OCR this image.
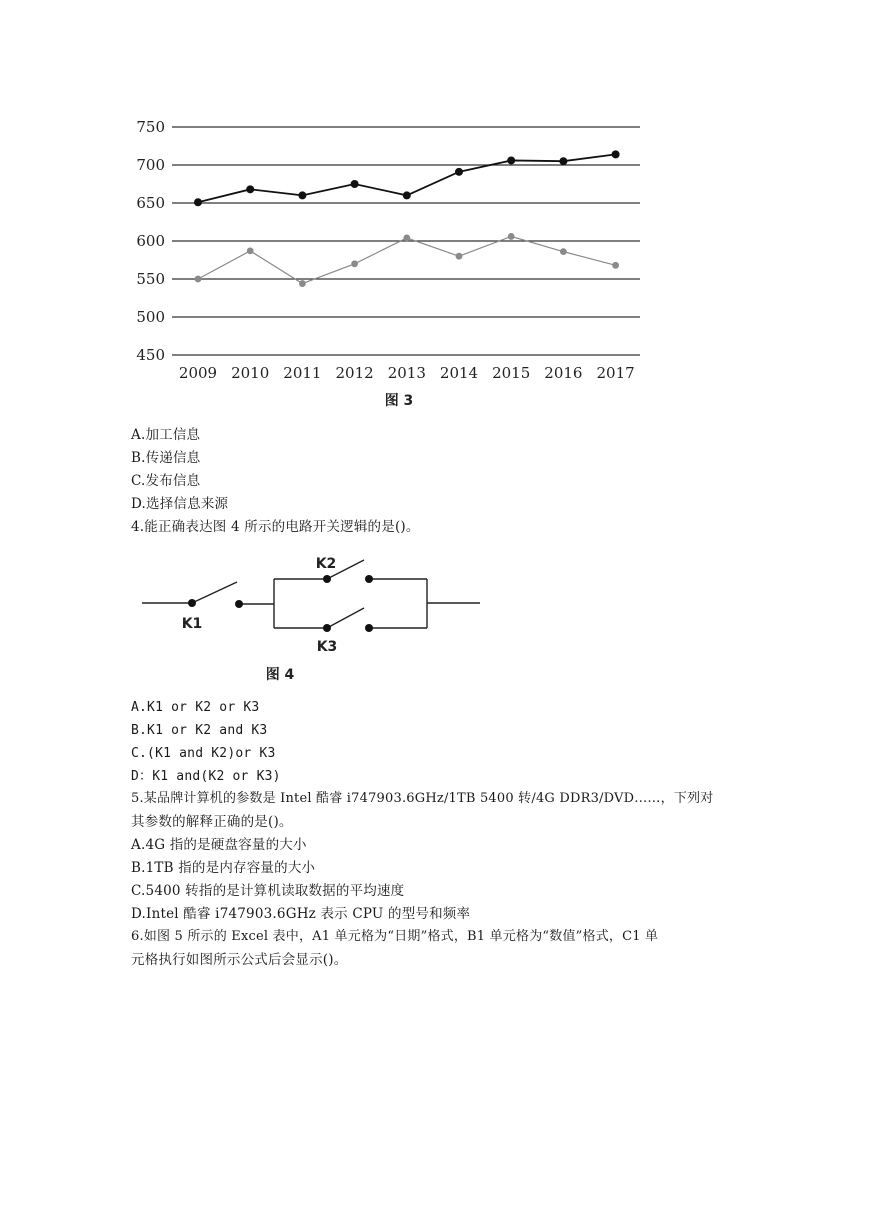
450
500
550
600
650
700
750
2009 2010 2011 2012 2013 2014 2015 2016 2017
图 3
K1
K2
K3
图 4
A.加工信息
B.传递信息
C.发布信息
D.选择信息来源
4.能正确表达图 4 所示的电路开关逻辑的是()。
A.K1 or K2 or K3
B.K1 or K2 and K3
C.(K1 and K2)or K3
D：K1 and(K2 or K3)
5.某品牌计算机的参数是 Intel 酷睿 i747903.6GHz/1TB 5400 转/4G DDR3/DVD……，下列对
其参数的解释正确的是()。
A.4G 指的是硬盘容量的大小
B.1TB 指的是内存容量的大小
C.5400 转指的是计算机读取数据的平均速度
D.Intel 酷睿 i747903.6GHz 表示 CPU 的型号和频率
6.如图 5 所示的 Excel 表中，A1 单元格为“日期”格式，B1 单元格为“数值”格式，C1 单
元格执行如图所示公式后会显示()。
